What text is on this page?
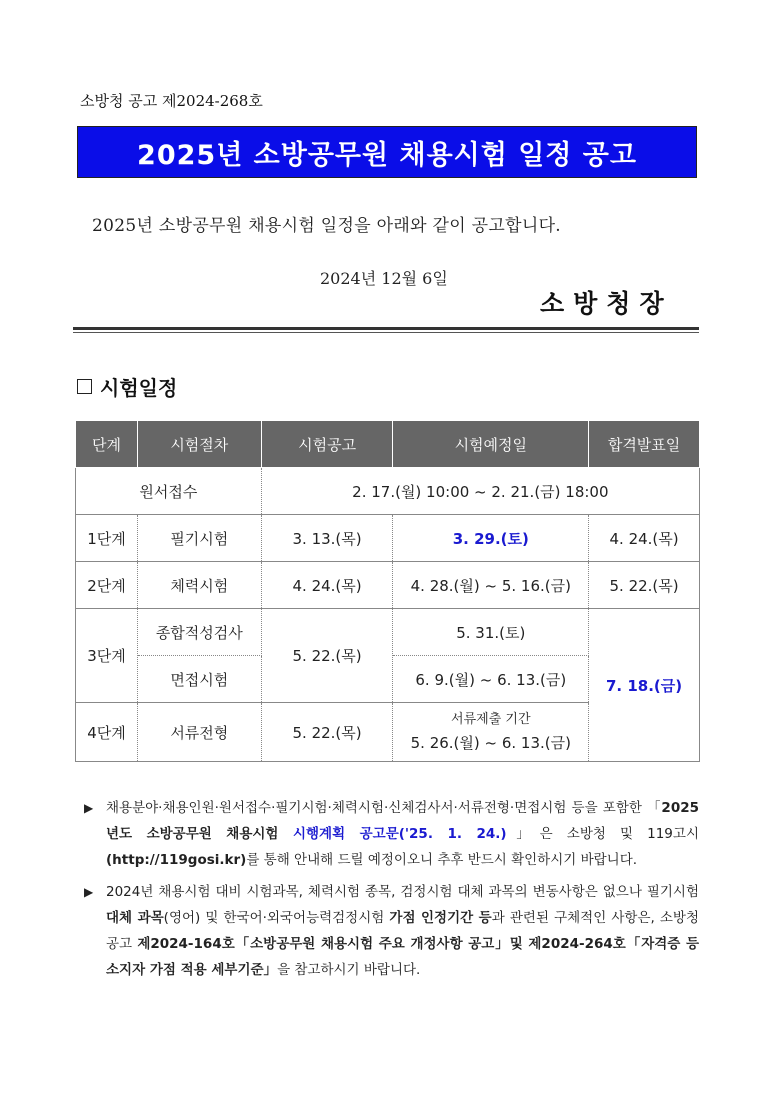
소방청 공고 제2024-268호
2025년 소방공무원 채용시험 일정 공고
2025년 소방공무원 채용시험 일정을 아래와 같이 공고합니다.
2024년 12월 6일
소방청장
시험일정
단계	시험절차	시험공고	시험예정일	합격발표일
원서접수		2. 17.(월) 10:00 ~ 2. 21.(금) 18:00		
1단계	필기시험	3. 13.(목)	3. 29.(토)	4. 24.(목)
2단계	체력시험	4. 24.(목)	4. 28.(월) ~ 5. 16.(금)	5. 22.(목)
3단계	종합적성검사	5. 22.(목)	5. 31.(토)	7. 18.(금)
	면접시험		6. 9.(월) ~ 6. 13.(금)	
4단계	서류전형	5. 22.(목)	서류제출 기간
5. 26.(월) ~ 6. 13.(금)	
▶ 채용분야·채용인원·원서접수·필기시험·체력시험·신체검사서·서류전형·면접시험 등을 포함한 「2025년도 소방공무원 채용시험 시행계획 공고문('25. 1. 24.)」은 소방청 및 119고시 (http://119gosi.kr)를 통해 안내해 드릴 예정이오니 추후 반드시 확인하시기 바랍니다.
▶ 2024년 채용시험 대비 시험과목, 체력시험 종목, 검정시험 대체 과목의 변동사항은 없으나 필기시험 대체 과목(영어) 및 한국어·외국어능력검정시험 가점 인정기간 등과 관련된 구체적인 사항은, 소방청 공고 제2024-164호「소방공무원 채용시험 주요 개정사항 공고」및 제2024-264호「자격증 등 소지자 가점 적용 세부기준」을 참고하시기 바랍니다.
